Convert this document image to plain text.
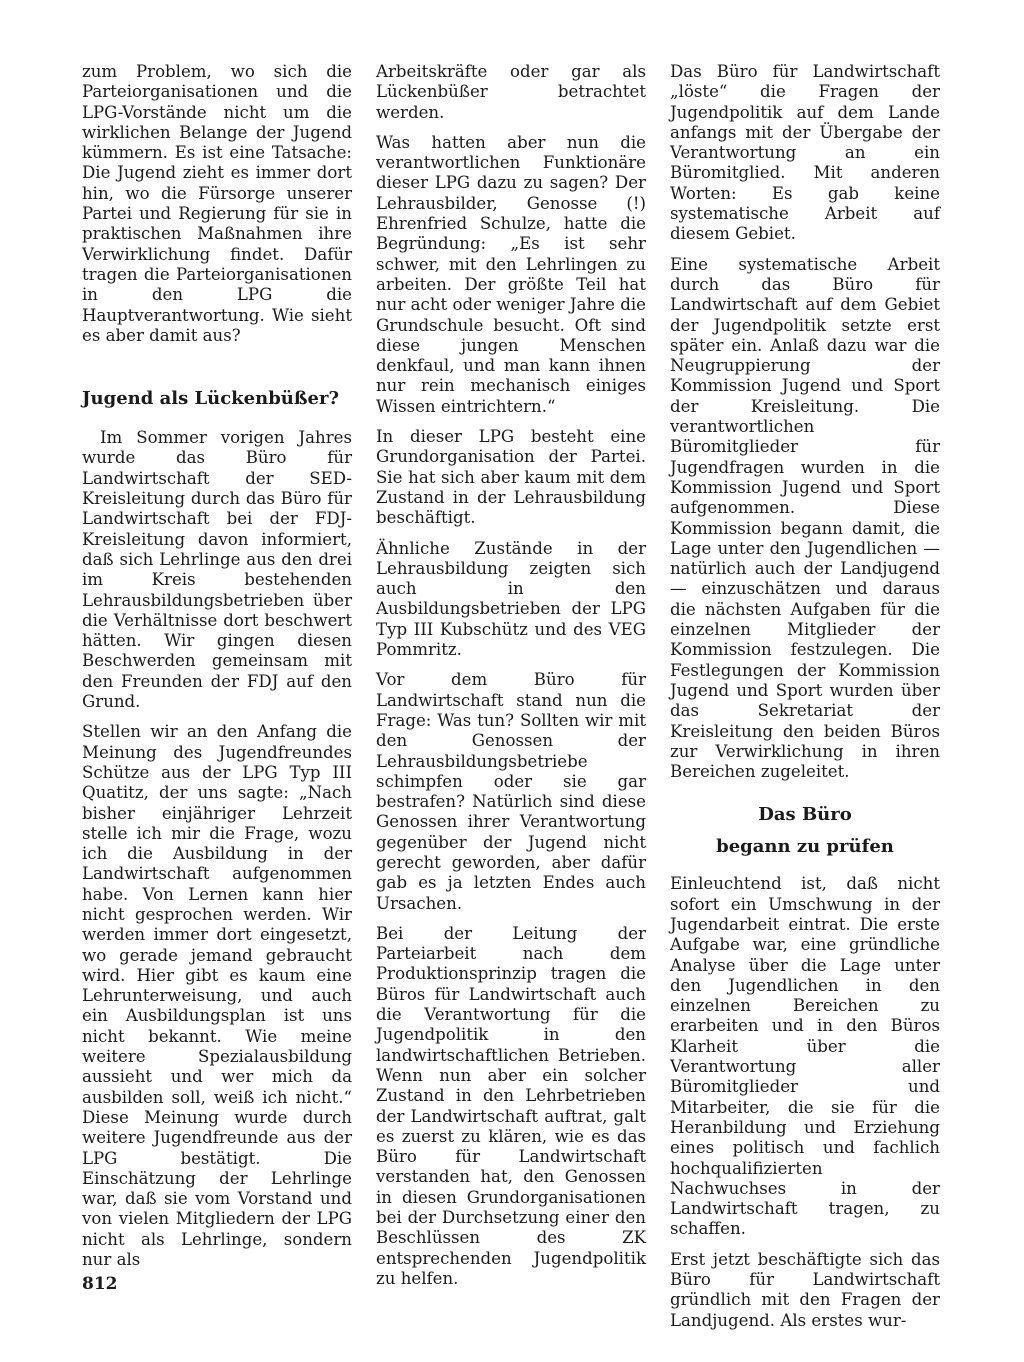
zum Problem, wo sich die Parteiorganisationen und die LPG-Vorstände nicht um die wirklichen Belange der Jugend kümmern. Es ist eine Tatsache: Die Jugend zieht es immer dort hin, wo die Fürsorge unserer Partei und Regierung für sie in praktischen Maßnahmen ihre Verwirklichung findet. Dafür tragen die Parteiorganisationen in den LPG die Hauptverantwortung. Wie sieht es aber damit aus?

Jugend als Lückenbüßer?

Im Sommer vorigen Jahres wurde das Büro für Landwirtschaft der SED-Kreisleitung durch das Büro für Landwirtschaft bei der FDJ-Kreisleitung davon informiert, daß sich Lehrlinge aus den drei im Kreis bestehenden Lehrausbildungsbetrieben über die Verhältnisse dort beschwert hätten. Wir gingen diesen Beschwerden gemeinsam mit den Freunden der FDJ auf den Grund.

Stellen wir an den Anfang die Meinung des Jugendfreundes Schütze aus der LPG Typ III Quatitz, der uns sagte: „Nach bisher einjähriger Lehrzeit stelle ich mir die Frage, wozu ich die Ausbildung in der Landwirtschaft aufgenommen habe. Von Lernen kann hier nicht gesprochen werden. Wir werden immer dort eingesetzt, wo gerade jemand gebraucht wird. Hier gibt es kaum eine Lehrunterweisung, und auch ein Ausbildungsplan ist uns nicht bekannt. Wie meine weitere Spezialausbildung aussieht und wer mich da ausbilden soll, weiß ich nicht.“ Diese Meinung wurde durch weitere Jugendfreunde aus der LPG bestätigt. Die Einschätzung der Lehrlinge war, daß sie vom Vorstand und von vielen Mitgliedern der LPG nicht als Lehrlinge, sondern nur als

Arbeitskräfte oder gar als Lückenbüßer betrachtet werden.

Was hatten aber nun die verantwortlichen Funktionäre dieser LPG dazu zu sagen? Der Lehrausbilder, Genosse (!) Ehrenfried Schulze, hatte die Begründung: „Es ist sehr schwer, mit den Lehrlingen zu arbeiten. Der größte Teil hat nur acht oder weniger Jahre die Grundschule besucht. Oft sind diese jungen Menschen denkfaul, und man kann ihnen nur rein mechanisch einiges Wissen eintrichtern.“

In dieser LPG besteht eine Grundorganisation der Partei. Sie hat sich aber kaum mit dem Zustand in der Lehrausbildung beschäftigt.

Ähnliche Zustände in der Lehrausbildung zeigten sich auch in den Ausbildungsbetrieben der LPG Typ III Kubschütz und des VEG Pommritz.

Vor dem Büro für Landwirtschaft stand nun die Frage: Was tun? Sollten wir mit den Genossen der Lehrausbildungsbetriebe schimpfen oder sie gar bestrafen? Natürlich sind diese Genossen ihrer Verantwortung gegenüber der Jugend nicht gerecht geworden, aber dafür gab es ja letzten Endes auch Ursachen.

Bei der Leitung der Parteiarbeit nach dem Produktionsprinzip tragen die Büros für Landwirtschaft auch die Verantwortung für die Jugendpolitik in den landwirtschaftlichen Betrieben. Wenn nun aber ein solcher Zustand in den Lehrbetrieben der Landwirtschaft auftrat, galt es zuerst zu klären, wie es das Büro für Landwirtschaft verstanden hat, den Genossen in diesen Grundorganisationen bei der Durchsetzung einer den Beschlüssen des ZK entsprechenden Jugendpolitik zu helfen.

Das Büro für Landwirtschaft „löste“ die Fragen der Jugendpolitik auf dem Lande anfangs mit der Übergabe der Verantwortung an ein Büromitglied. Mit anderen Worten: Es gab keine systematische Arbeit auf diesem Gebiet.

Eine systematische Arbeit durch das Büro für Landwirtschaft auf dem Gebiet der Jugendpolitik setzte erst später ein. Anlaß dazu war die Neugruppierung der Kommission Jugend und Sport der Kreisleitung. Die verantwortlichen Büromitglieder für Jugendfragen wurden in die Kommission Jugend und Sport aufgenommen. Diese Kommission begann damit, die Lage unter den Jugendlichen — natürlich auch der Landjugend — einzuschätzen und daraus die nächsten Aufgaben für die einzelnen Mitglieder der Kommission festzulegen. Die Festlegungen der Kommission Jugend und Sport wurden über das Sekretariat der Kreisleitung den beiden Büros zur Verwirklichung in ihren Bereichen zugeleitet.

Das Büro
begann zu prüfen

Einleuchtend ist, daß nicht sofort ein Umschwung in der Jugendarbeit eintrat. Die erste Aufgabe war, eine gründliche Analyse über die Lage unter den Jugendlichen in den einzelnen Bereichen zu erarbeiten und in den Büros Klarheit über die Verantwortung aller Büromitglieder und Mitarbeiter, die sie für die Heranbildung und Erziehung eines politisch und fachlich hochqualifizierten Nachwuchses in der Landwirtschaft tragen, zu schaffen.

Erst jetzt beschäftigte sich das Büro für Landwirtschaft gründlich mit den Fragen der Landjugend. Als erstes wur-

812
